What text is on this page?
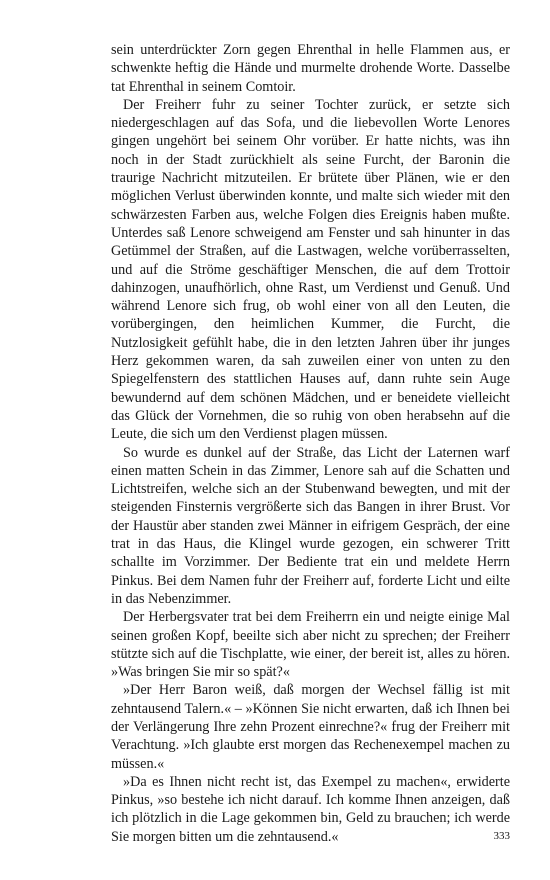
sein unterdrückter Zorn gegen Ehrenthal in helle Flammen aus, er schwenkte heftig die Hände und murmelte drohende Worte. Dasselbe tat Ehrenthal in seinem Comtoir.

Der Freiherr fuhr zu seiner Tochter zurück, er setzte sich niedergeschlagen auf das Sofa, und die liebevollen Worte Lenores gingen ungehört bei seinem Ohr vorüber. Er hatte nichts, was ihn noch in der Stadt zurückhielt als seine Furcht, der Baronin die traurige Nachricht mitzuteilen. Er brütete über Plänen, wie er den möglichen Verlust überwinden konnte, und malte sich wieder mit den schwärzesten Farben aus, welche Folgen dies Ereignis haben mußte. Unterdes saß Lenore schweigend am Fenster und sah hinunter in das Getümmel der Straßen, auf die Lastwagen, welche vorüberrasselten, und auf die Ströme geschäftiger Menschen, die auf dem Trottoir dahinzogen, unaufhörlich, ohne Rast, um Verdienst und Genuß. Und während Lenore sich frug, ob wohl einer von all den Leuten, die vorübergingen, den heimlichen Kummer, die Furcht, die Nutzlosigkeit gefühlt habe, die in den letzten Jahren über ihr junges Herz gekommen waren, da sah zuweilen einer von unten zu den Spiegelfenstern des stattlichen Hauses auf, dann ruhte sein Auge bewundernd auf dem schönen Mädchen, und er beneidete vielleicht das Glück der Vornehmen, die so ruhig von oben herabsehn auf die Leute, die sich um den Verdienst plagen müssen.

So wurde es dunkel auf der Straße, das Licht der Laternen warf einen matten Schein in das Zimmer, Lenore sah auf die Schatten und Lichtstreifen, welche sich an der Stubenwand bewegten, und mit der steigenden Finsternis vergrößerte sich das Bangen in ihrer Brust. Vor der Haustür aber standen zwei Männer in eifrigem Gespräch, der eine trat in das Haus, die Klingel wurde gezogen, ein schwerer Tritt schallte im Vorzimmer. Der Bediente trat ein und meldete Herrn Pinkus. Bei dem Namen fuhr der Freiherr auf, forderte Licht und eilte in das Nebenzimmer.

Der Herbergsvater trat bei dem Freiherrn ein und neigte einige Mal seinen großen Kopf, beeilte sich aber nicht zu sprechen; der Freiherr stützte sich auf die Tischplatte, wie einer, der bereit ist, alles zu hören. »Was bringen Sie mir so spät?«

»Der Herr Baron weiß, daß morgen der Wechsel fällig ist mit zehntausend Talern.« – »Können Sie nicht erwarten, daß ich Ihnen bei der Verlängerung Ihre zehn Prozent einrechne?« frug der Freiherr mit Verachtung. »Ich glaubte erst morgen das Rechenexempel machen zu müssen.«

»Da es Ihnen nicht recht ist, das Exempel zu machen«, erwiderte Pinkus, »so bestehe ich nicht darauf. Ich komme Ihnen anzeigen, daß ich plötzlich in die Lage gekommen bin, Geld zu brauchen; ich werde Sie morgen bitten um die zehntausend.«	333
